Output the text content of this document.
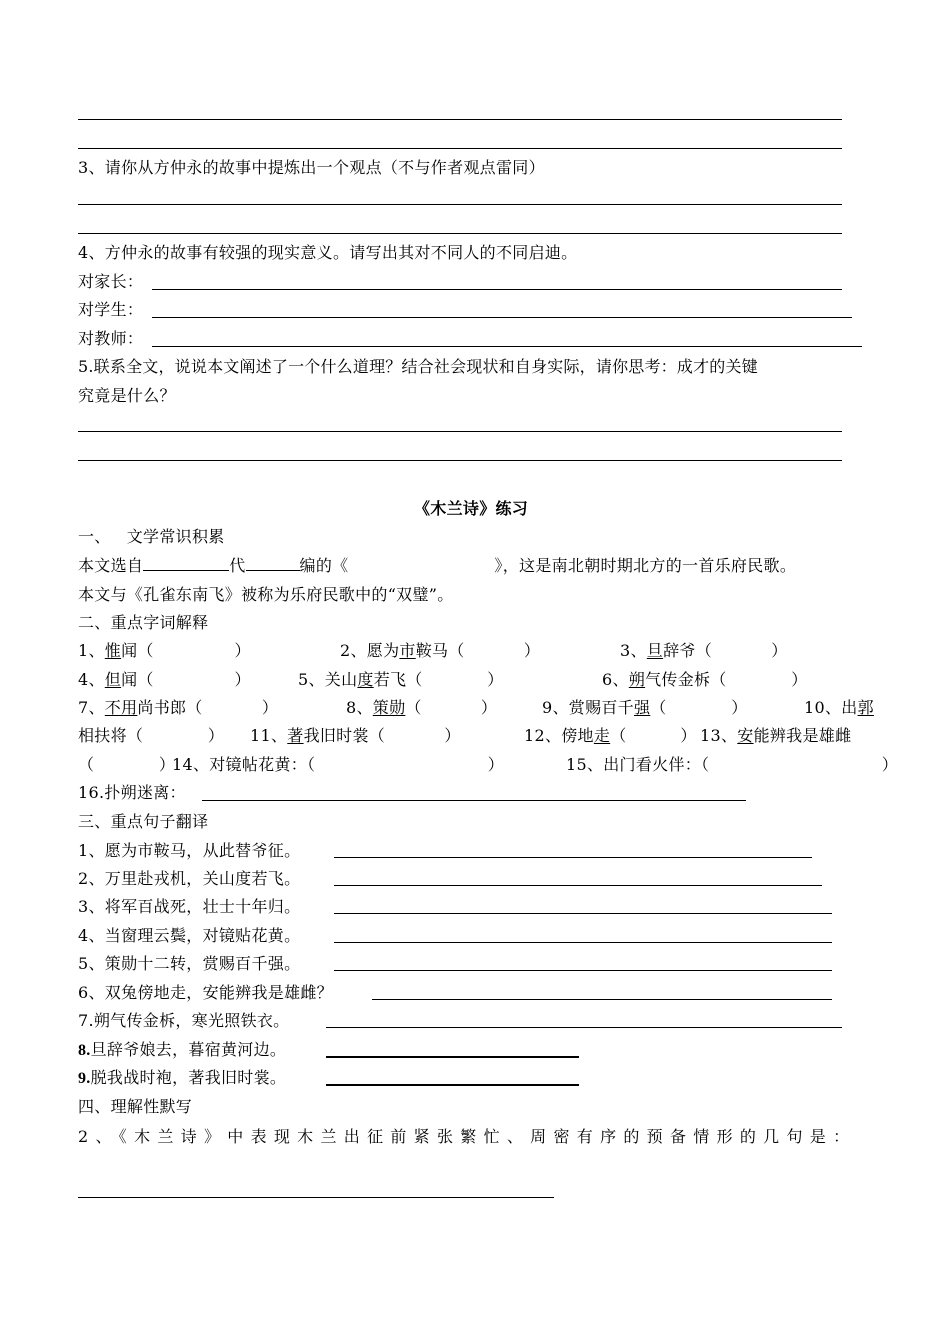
3、请你从方仲永的故事中提炼出一个观点（不与作者观点雷同）
4、方仲永的故事有较强的现实意义。请写出其对不同人的不同启迪。
对家长：
对学生：
对教师：
5.联系全文，说说本文阐述了一个什么道理？结合社会现状和自身实际，请你思考：成才的关键
究竟是什么？
《木兰诗》练习
一、   文学常识积累
本文选自	代	编的《	》，这是南北朝时期北方的一首乐府民歌。
本文与《孔雀东南飞》被称为乐府民歌中的“双璧”。
二、重点字词解释
1、惟闻（               ）	2、愿为市鞍马（           ）	3、旦辞爷（           ）
4、但闻（               ）	5、关山度若飞（            ）	6、朔气传金柝（            ）
7、不用尚书郎（           ）	8、策勋（           ）	9、赏赐百千强（            ）	10、出郭
相扶将（            ） 11、著我旧时裳（           ）	12、傍地走（          ） 13、安能辨我是雄雌
（            ）
14、对镜帖花黄：（                                ）	15、出门看火伴：（                                ）
16.扑朔迷离：
三、重点句子翻译
1、愿为市鞍马，从此替爷征。
2、万里赴戎机，关山度若飞。
3、将军百战死，壮士十年归。
4、当窗理云鬓，对镜贴花黄。
5、策勋十二转，赏赐百千强。
6、双兔傍地走，安能辨我是雄雌？
7.朔气传金柝，寒光照铁衣。
8.旦辞爷娘去，暮宿黄河边。
9.脱我战时袍，著我旧时裳。
四、理解性默写
2、《木兰诗》中表现木兰出征前紧张繁忙、周密有序的预备情形的几句是：
